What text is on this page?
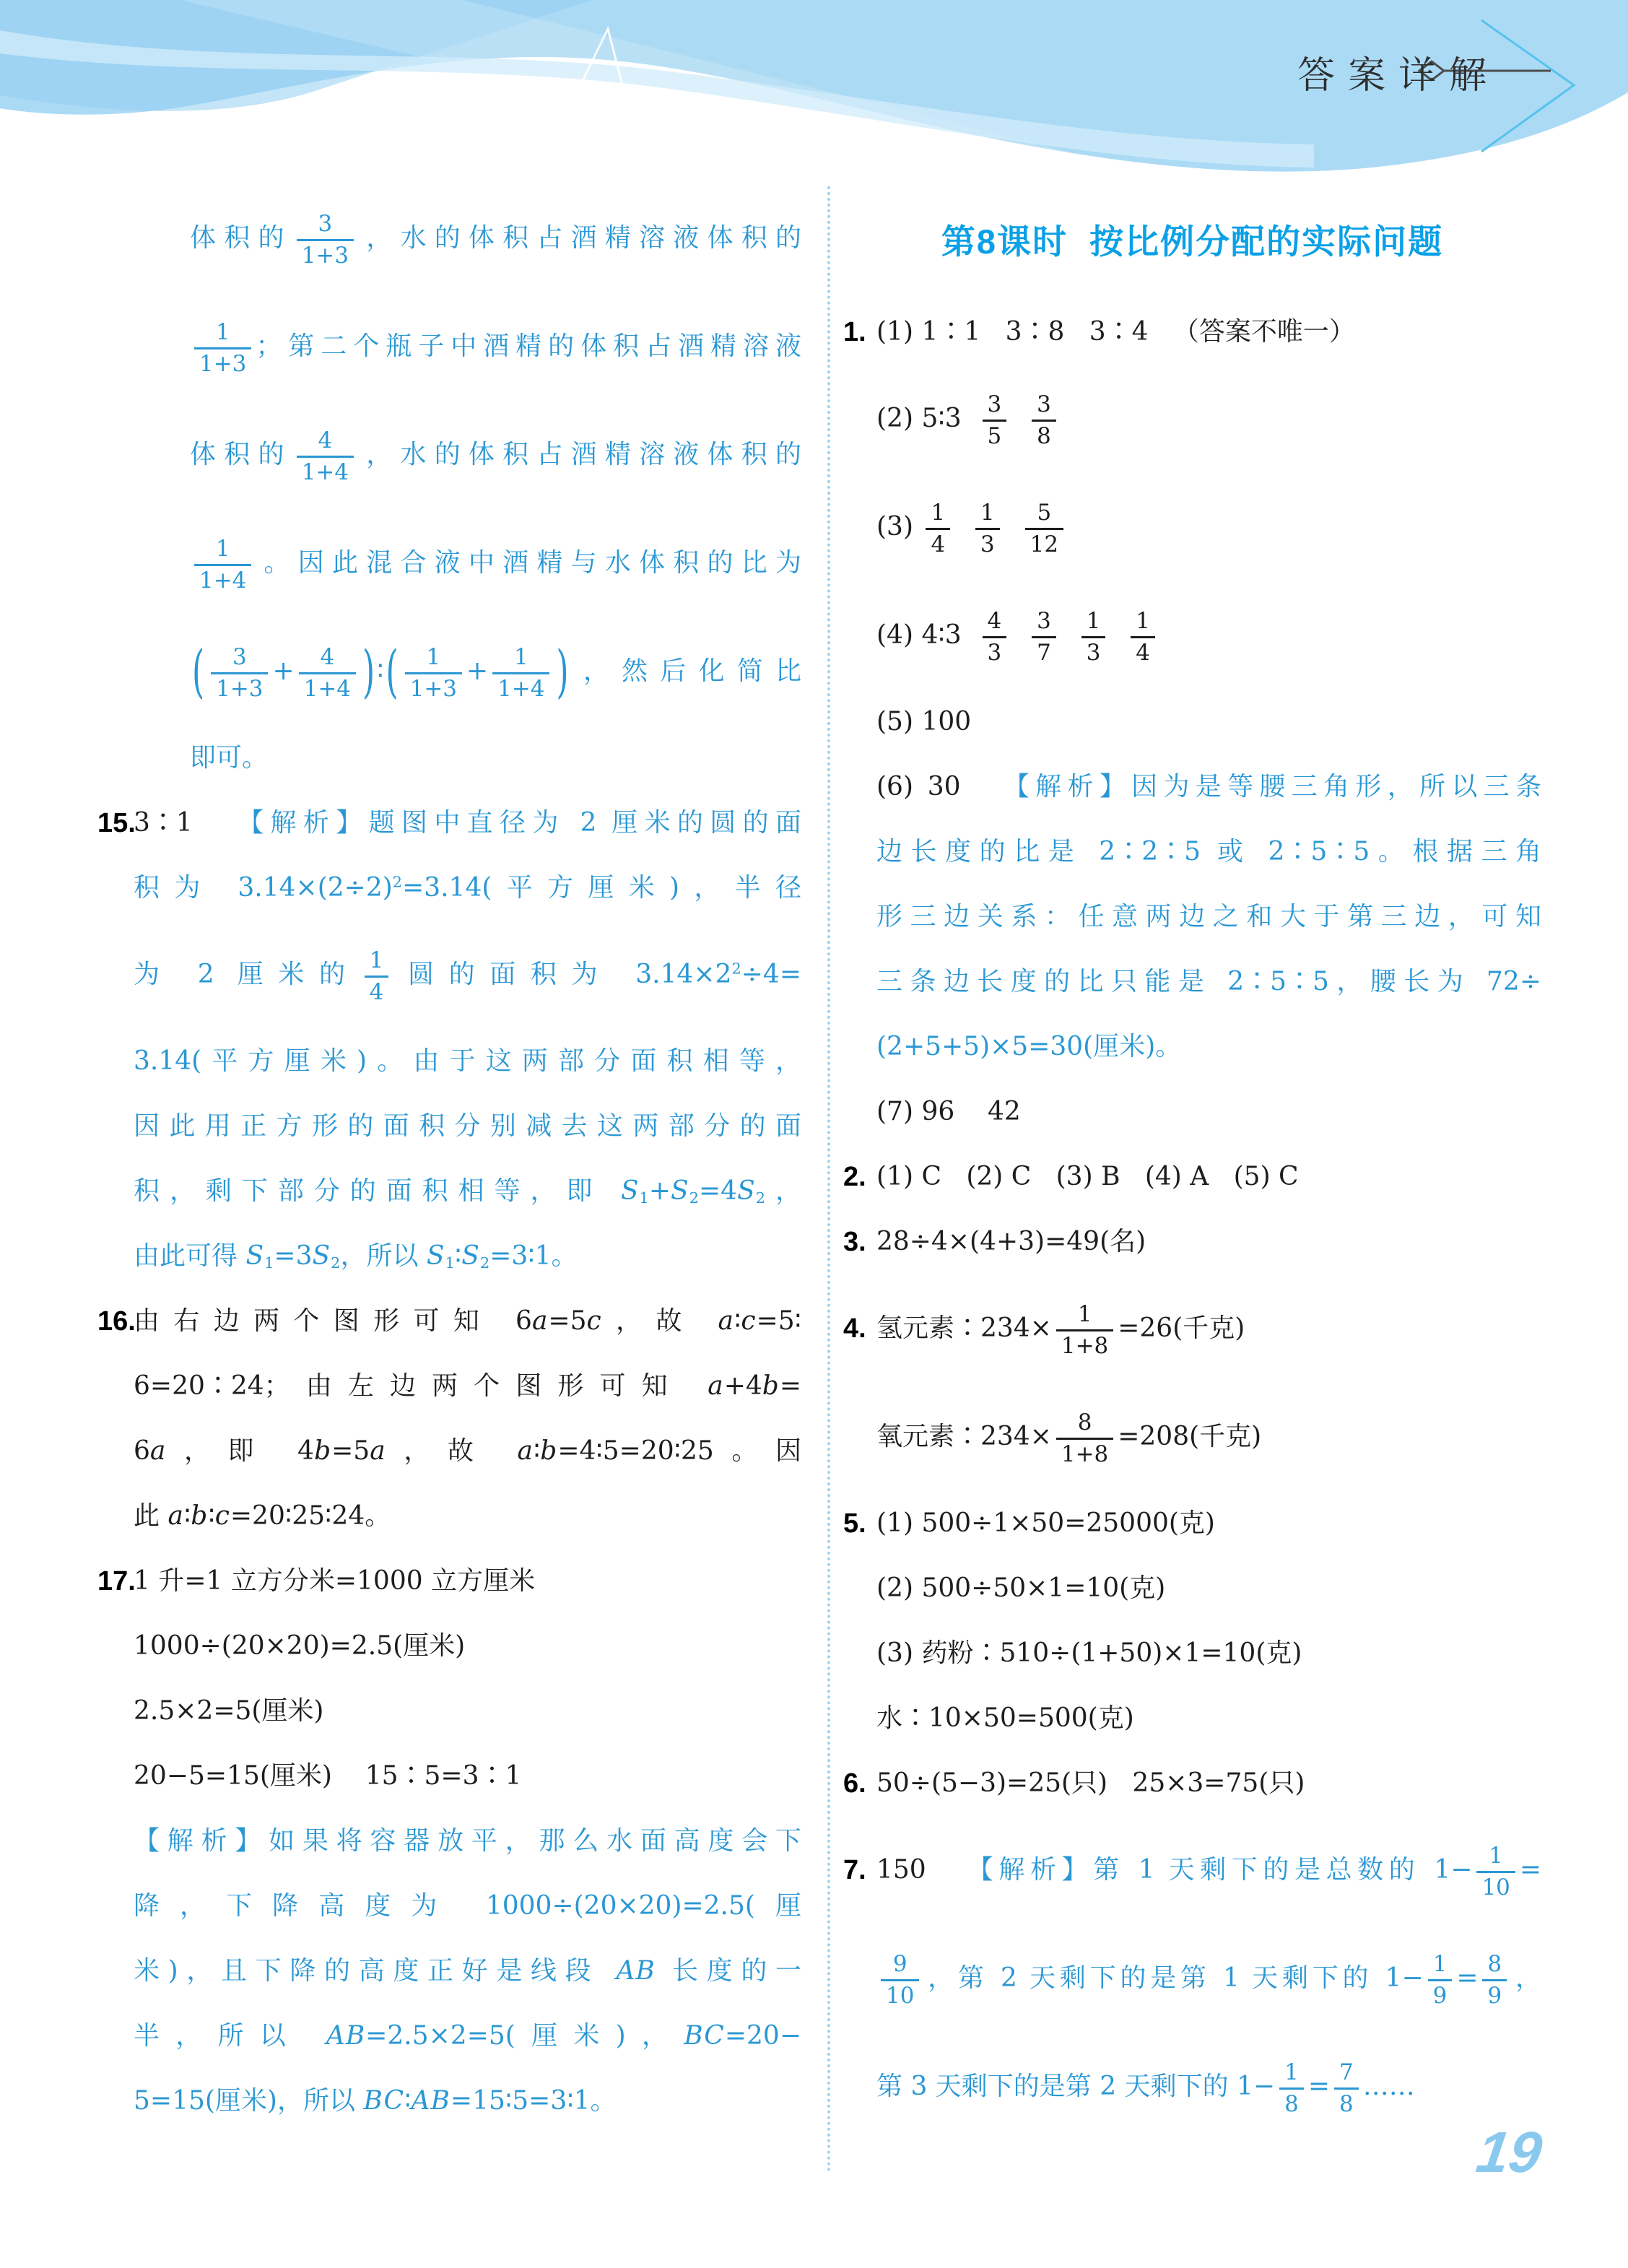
答案详解
体积的 $\frac{3}{1+3}$ ，水的体积占酒精溶液体积的
$\frac{1}{1+3}$ ；第二个瓶子中酒精的体积占酒精溶液
体积的 $\frac{4}{1+4}$ ，水的体积占酒精溶液体积的
$\frac{1}{1+4}$ 。因此混合液中酒精与水体积的比为
( $\frac{3}{1+3} + \frac{4}{1+4}$ )∶( $\frac{1}{1+3} + \frac{1}{1+4}$ )，然后化简比
即可。
15.
3∶1   【解析】题图中直径为 2 厘米的圆的面
积为 $3.14\times(2\div 2)^2=3.14$(平方厘米)，半径
为 2 厘米的 $\frac{1}{4}$ 圆的面积为 $3.14\times 2^2\div 4=$
3.14(平方厘米)。由于这两部分面积相等，
因此用正方形的面积分别减去这两部分的面
积，剩下部分的面积相等，即 $S_1+S_2=4S_2$，
由此可得 $S_1=3S_2$，所以 $S_1∶S_2=3∶1$。
16.
由右边两个图形可知 6a=5c，故 a∶c=5∶
6=20∶24；由左边两个图形可知 a+4b=
6a，即 4b=5a，故 a∶b=4∶5=20∶25。因
此 a∶b∶c=20∶25∶24。
17.
1 升=1 立方分米=1000 立方厘米
1000÷(20×20)=2.5(厘米)
2.5×2=5(厘米)
20−5=15(厘米)    15∶5=3∶1
【解析】如果将容器放平，那么水面高度会下
降，下降高度为 1000÷(20×20)=2.5(厘
米)，且下降的高度正好是线段 AB 长度的一
半，所以 AB=2.5×2=5(厘米)，BC=20−
5=15(厘米)，所以 BC∶AB=15∶5=3∶1。
第8课时  按比例分配的实际问题
1. (1) 1∶1   3∶8   3∶4   （答案不唯一）
(2) 5∶3 $\frac{3}{5}$
$\frac{3}{8}$
$(3) \frac{1}{4}$
$\frac{1}{3}$
$\frac{5}{12}$
(4) 4∶3 $\frac{4}{3}$
$\frac{3}{7}$
$\frac{1}{3}$
$\frac{1}{4}$
(5) 100
(6) 30   【解析】因为是等腰三角形，所以三条
边长度的比是 2∶2∶5 或 2∶5∶5。根据三角
形三边关系：任意两边之和大于第三边，可知
三条边长度的比只能是 2∶5∶5，腰长为 72÷
(2+5+5)×5=30(厘米)。
(7) 96    42
2. (1) C   (2) C   (3) B   (4) A   (5) C
3. 28÷4×(4+3)=49(名)
4. 氢元素∶234× $\frac{1}{1+8} =26$(千克)
氧元素∶234× $\frac{8}{1+8} =208$(千克)
5. (1) 500÷1×50=25000(克)
(2) 500÷50×1=10(克)
(3) 药粉∶510÷(1+50)×1=10(克)
水∶10×50=500(克)
6. 50÷(5−3)=25(只)   25×3=75(只)
7. 150   【解析】第 1 天剩下的是总数的 $1- \frac{1}{10}$ =
$\frac{9}{10}$ ，第 2 天剩下的是第 1 天剩下的 $1- \frac{1}{9} = \frac{8}{9}$ ，
第 3 天剩下的是第 2 天剩下的 $1- \frac{1}{8} = \frac{7}{8}$ ……
19
